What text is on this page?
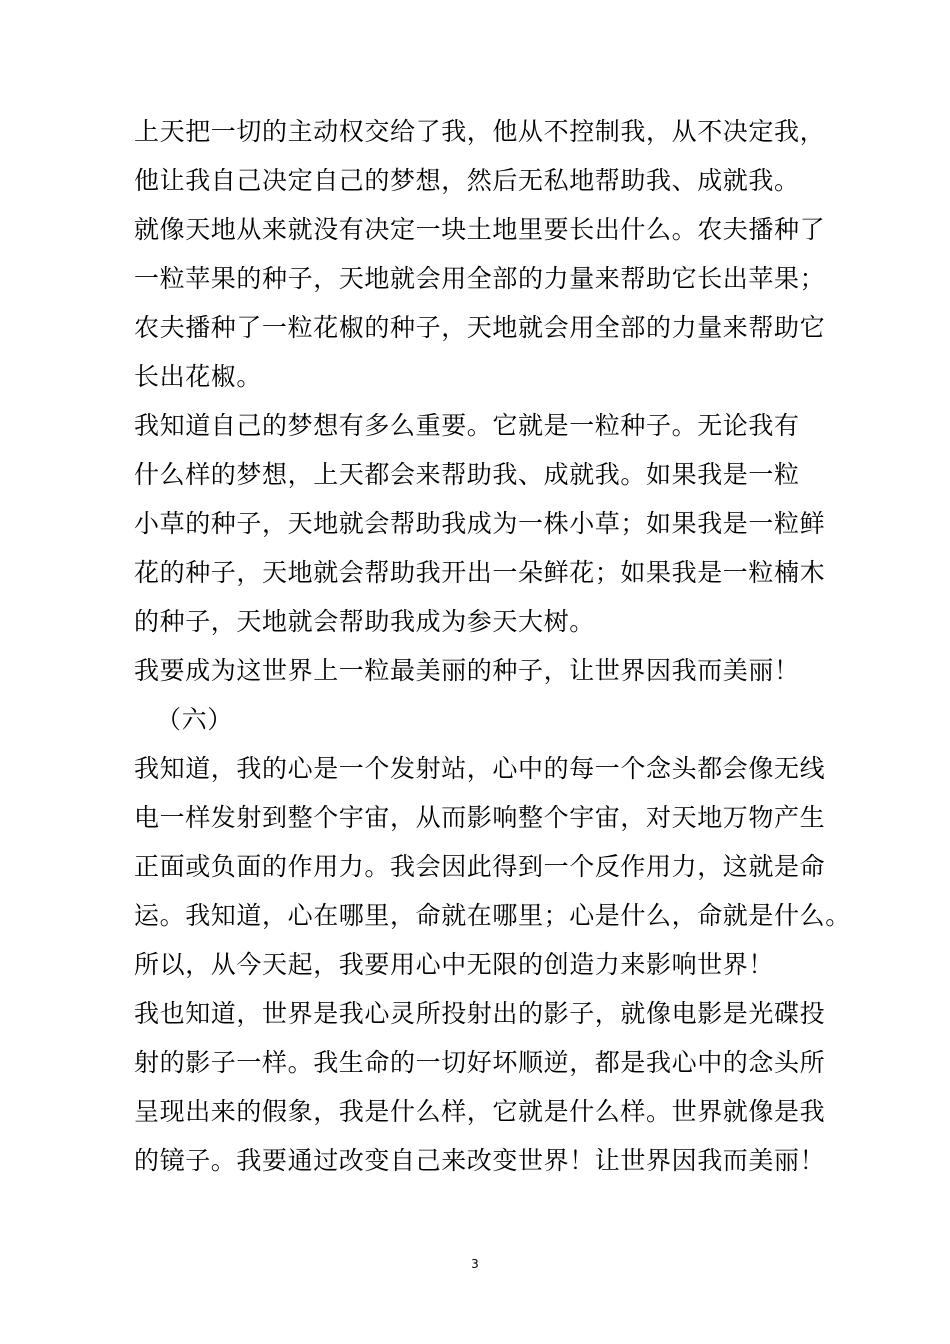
上天把一切的主动权交给了我，他从不控制我，从不决定我，
他让我自己决定自己的梦想，然后无私地帮助我、成就我。
就像天地从来就没有决定一块土地里要长出什么。农夫播种了
一粒苹果的种子，天地就会用全部的力量来帮助它长出苹果；
农夫播种了一粒花椒的种子，天地就会用全部的力量来帮助它
长出花椒。
我知道自己的梦想有多么重要。它就是一粒种子。无论我有
什么样的梦想，上天都会来帮助我、成就我。如果我是一粒
小草的种子，天地就会帮助我成为一株小草；如果我是一粒鲜
花的种子，天地就会帮助我开出一朵鲜花；如果我是一粒楠木
的种子，天地就会帮助我成为参天大树。
我要成为这世界上一粒最美丽的种子，让世界因我而美丽！
（六）
我知道，我的心是一个发射站，心中的每一个念头都会像无线
电一样发射到整个宇宙，从而影响整个宇宙，对天地万物产生
正面或负面的作用力。我会因此得到一个反作用力，这就是命
运。我知道，心在哪里，命就在哪里；心是什么，命就是什么。
所以，从今天起，我要用心中无限的创造力来影响世界！
我也知道，世界是我心灵所投射出的影子，就像电影是光碟投
射的影子一样。我生命的一切好坏顺逆，都是我心中的念头所
呈现出来的假象，我是什么样，它就是什么样。世界就像是我
的镜子。我要通过改变自己来改变世界！让世界因我而美丽！
3
